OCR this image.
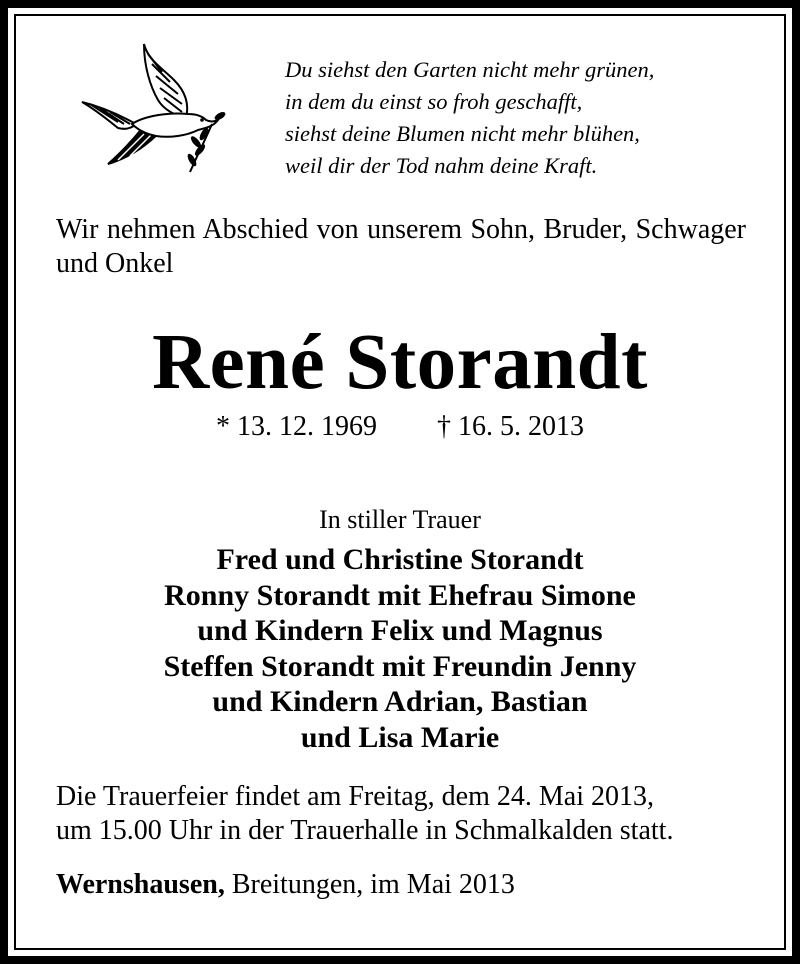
Du siehst den Garten nicht mehr grünen,
in dem du einst so froh geschafft,
siehst deine Blumen nicht mehr blühen,
weil dir der Tod nahm deine Kraft.
Wir nehmen Abschied von unserem Sohn, Bruder, Schwager und Onkel
René Storandt
* 13. 12. 1969 † 16. 5. 2013
In stiller Trauer
Fred und Christine Storandt
Ronny Storandt mit Ehefrau Simone
und Kindern Felix und Magnus
Steffen Storandt mit Freundin Jenny
und Kindern Adrian, Bastian
und Lisa Marie
Die Trauerfeier findet am Freitag, dem 24. Mai 2013,
um 15.00 Uhr in der Trauerhalle in Schmalkalden statt.
Wernshausen, Breitungen, im Mai 2013
